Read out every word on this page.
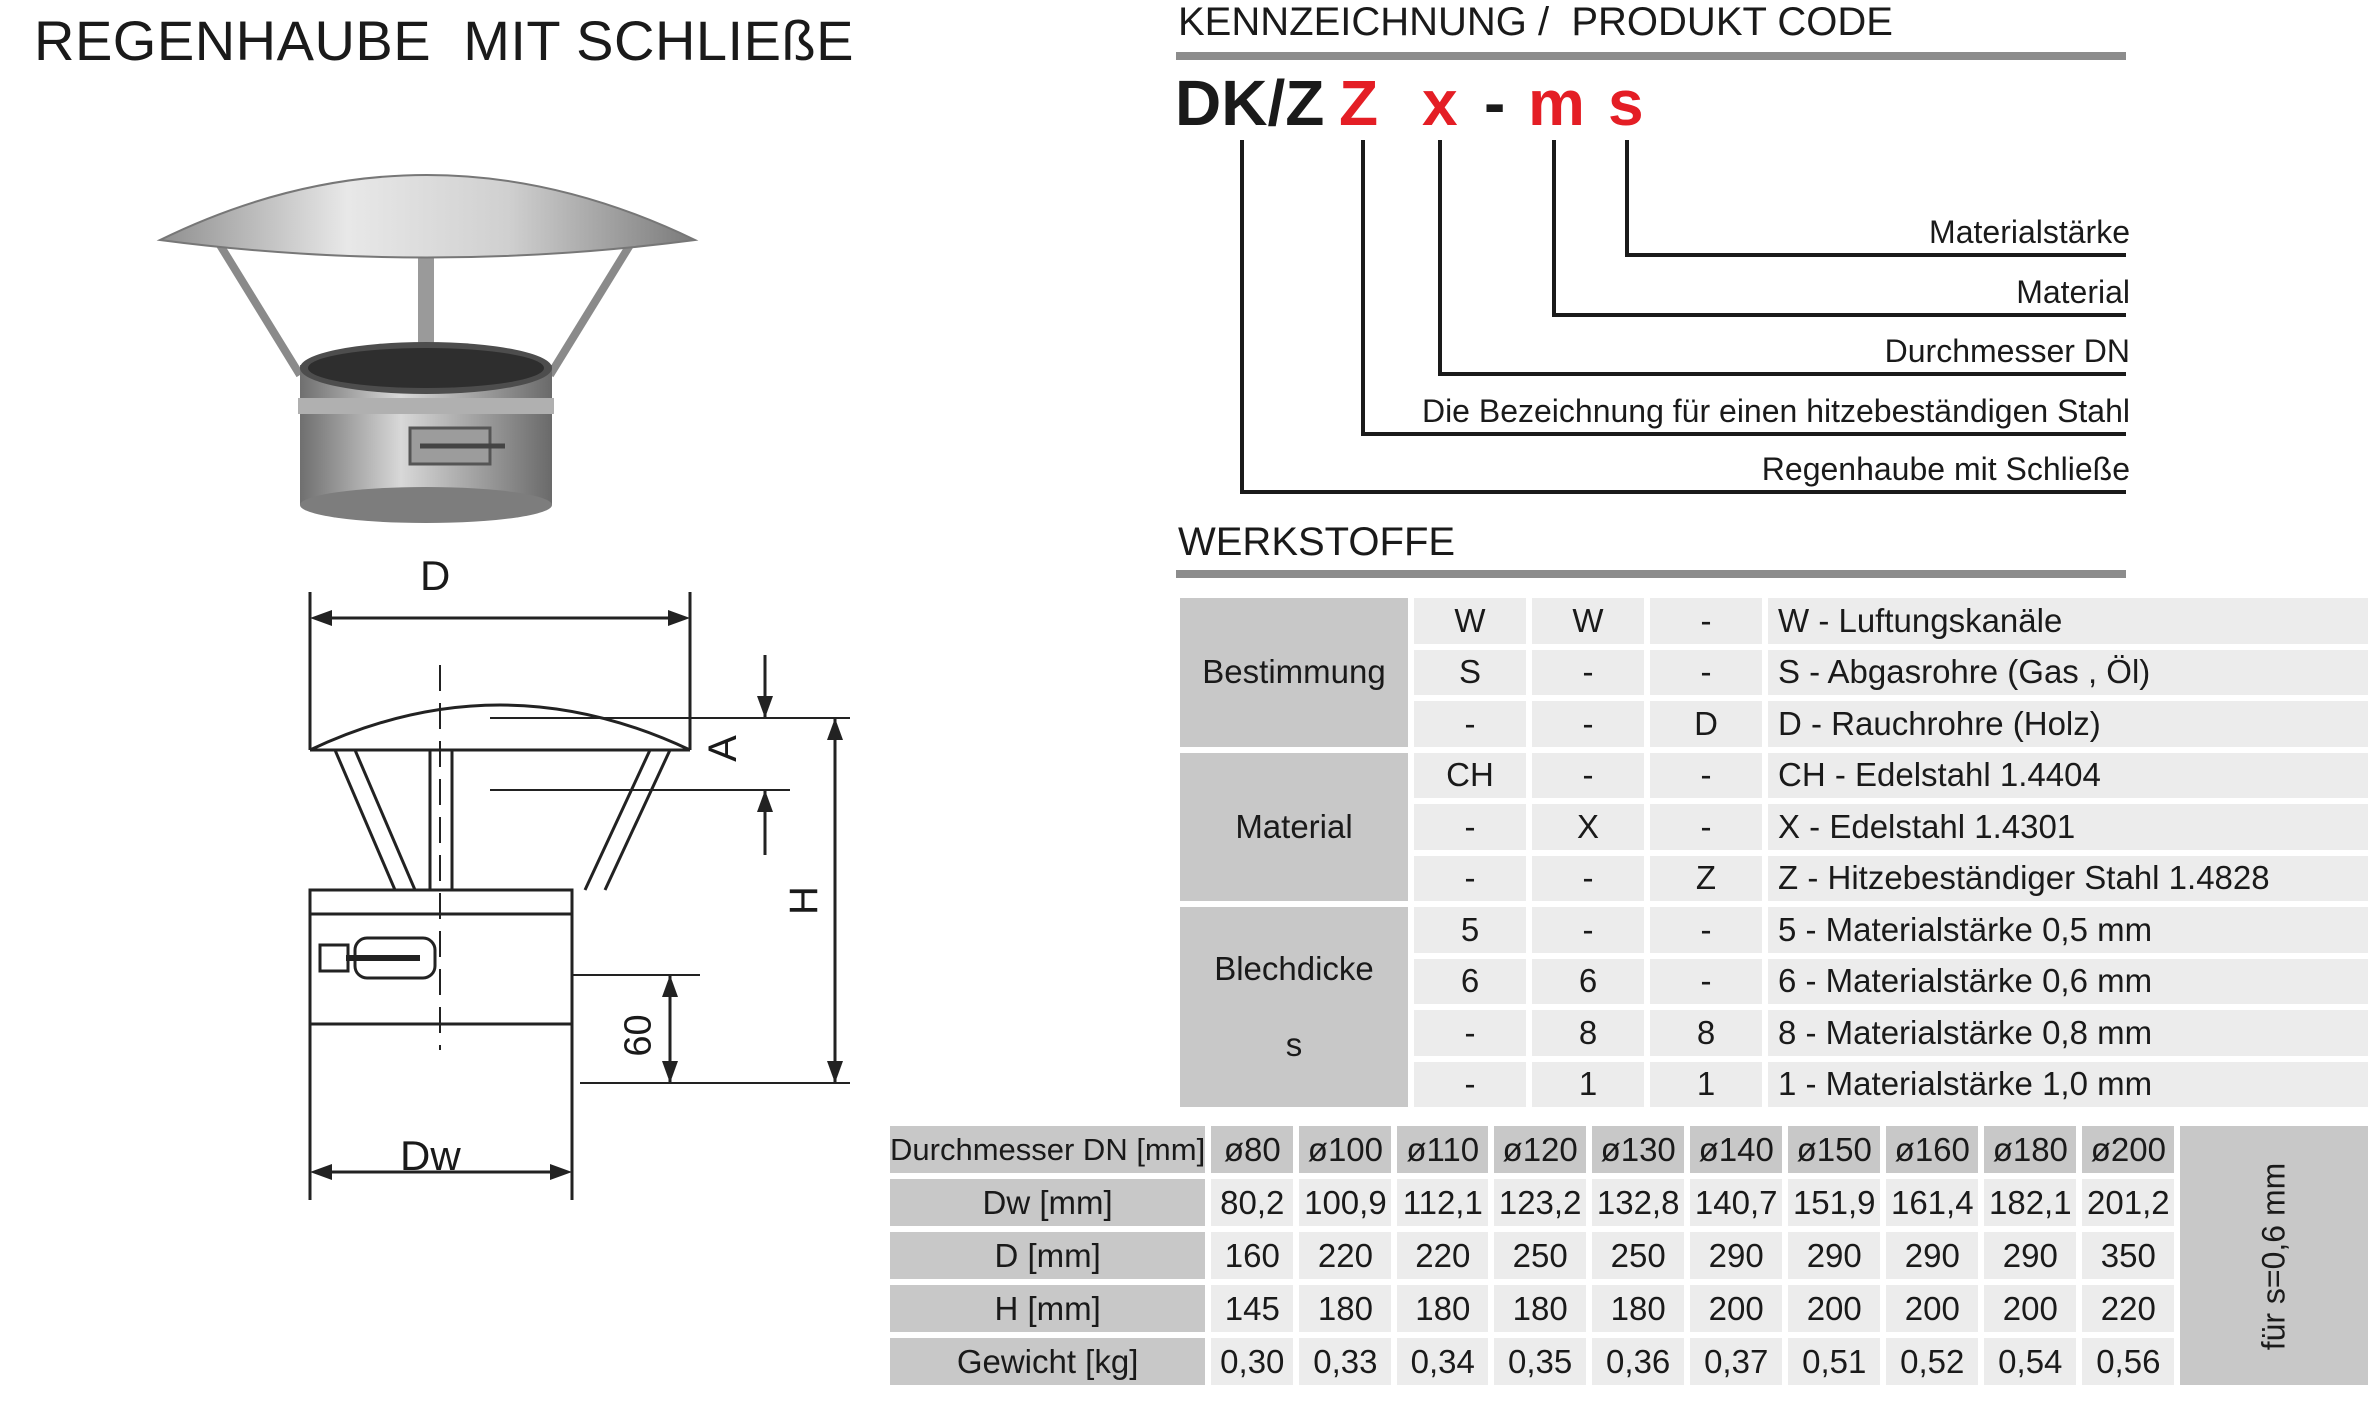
REGENHAUBE  MIT SCHLIEßE
D
A
H
60
Dw
KENNZEICHNUNG /  PRODUKT CODE
DK/Z Z x - m s
Materialstärke
Material
Durchmesser DN
Die Bezeichnung für einen hitzebeständigen Stahl
Regenhaube mit Schließe
WERKSTOFFE
Bestimmung	W	W	-	W - Luftungskanäle
	S	-	-	S - Abgasrohre (Gas , Öl)
	-	-	D	D - Rauchrohre (Holz)
Material	CH	-	-	CH - Edelstahl 1.4404
	-	X	-	X - Edelstahl 1.4301
	-	-	Z	Z - Hitzebeständiger Stahl 1.4828
Blechdicke

s	5	-	-	5 - Materialstärke 0,5 mm
	6	6	-	6 - Materialstärke 0,6 mm
	-	8	8	8 - Materialstärke 0,8 mm
	-	1	1	1 - Materialstärke 1,0 mm
Durchmesser DN [mm]	ø80	ø100	ø110	ø120	ø130	ø140	ø150	ø160	ø180	ø200	für s=0,6 mm
Dw [mm]	80,2	100,9	112,1	123,2	132,8	140,7	151,9	161,4	182,1	201,2	
D [mm]	160	220	220	250	250	290	290	290	290	350	
H [mm]	145	180	180	180	180	200	200	200	200	220	
Gewicht [kg]	0,30	0,33	0,34	0,35	0,36	0,37	0,51	0,52	0,54	0,56	
